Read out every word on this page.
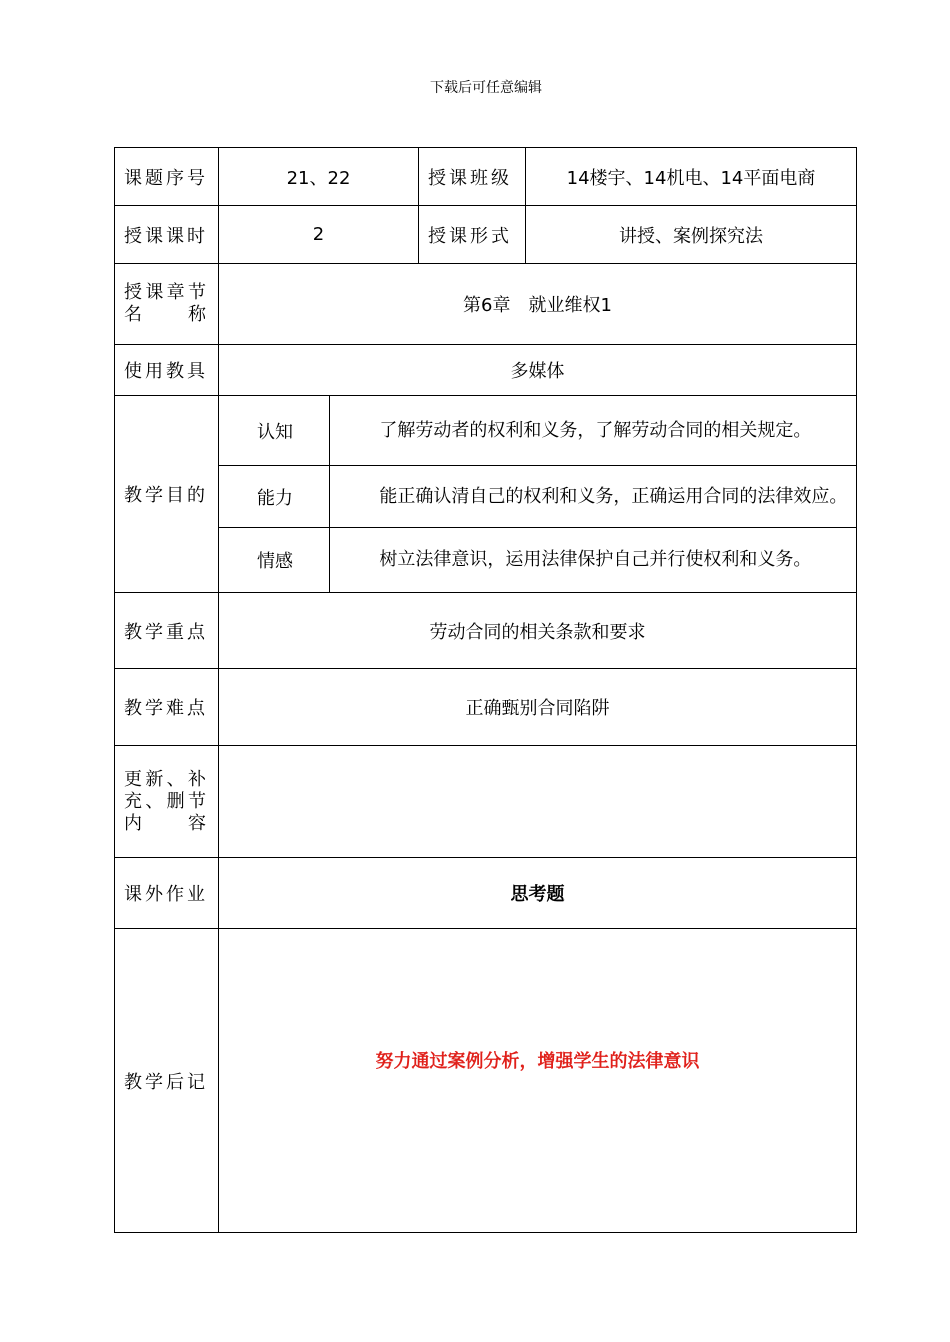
下载后可任意编辑
课题序号	21、22		授课班级	14楼宇、14机电、14平面电商
授课课时	2		授课形式	讲授、案例探究法

授课章节
名称	第6章　就业维权1			
使用教具	多媒体			
教学目的	认知	了解劳动者的权利和义务，了解劳动合同的相关规定。		
	能力	能正确认清自己的权利和义务，正确运用合同的法律效应。		
	情感	树立法律意识，运用法律保护自己并行使权利和义务。		
教学重点	劳动合同的相关条款和要求			
教学难点	正确甄别合同陷阱			

更新、补
充、删节
内容				

课外作业	思考题			
教学后记	努力通过案例分析，增强学生的法律意识			
